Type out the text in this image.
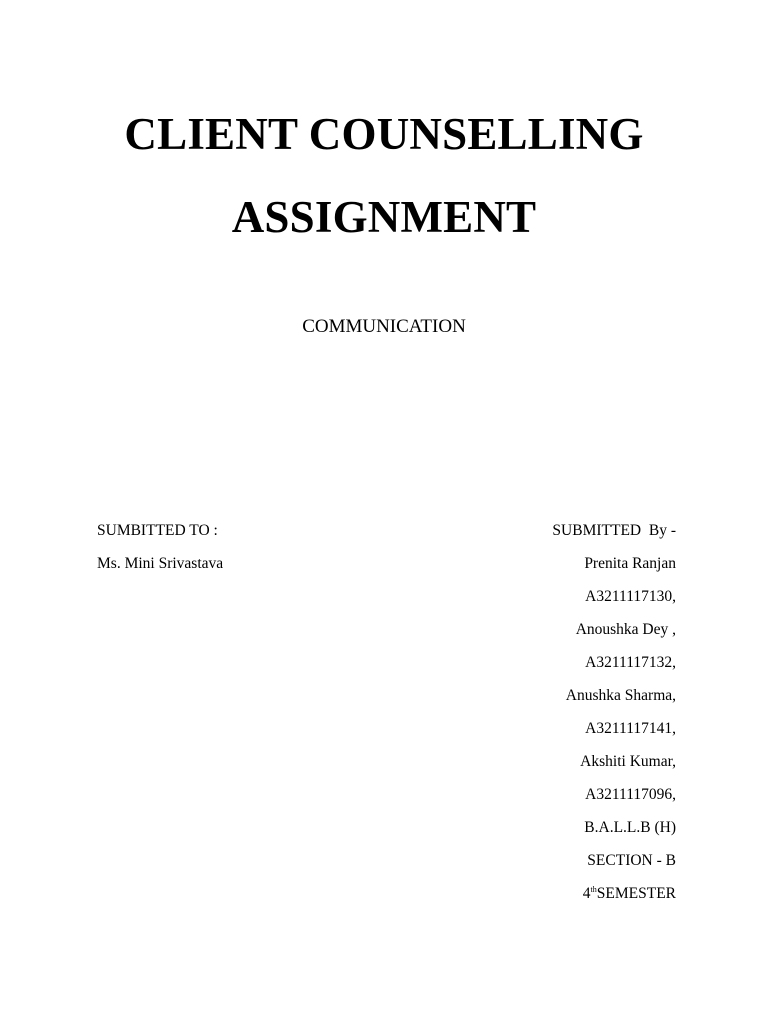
CLIENT COUNSELLING
ASSIGNMENT
COMMUNICATION
SUMBITTED TO :
Ms. Mini Srivastava
SUBMITTED  By -
Prenita Ranjan
A3211117130,
Anoushka Dey ,
A3211117132,
Anushka Sharma,
A3211117141,
Akshiti Kumar,
A3211117096,
B.A.L.L.B (H)
SECTION - B
4thSEMESTER
